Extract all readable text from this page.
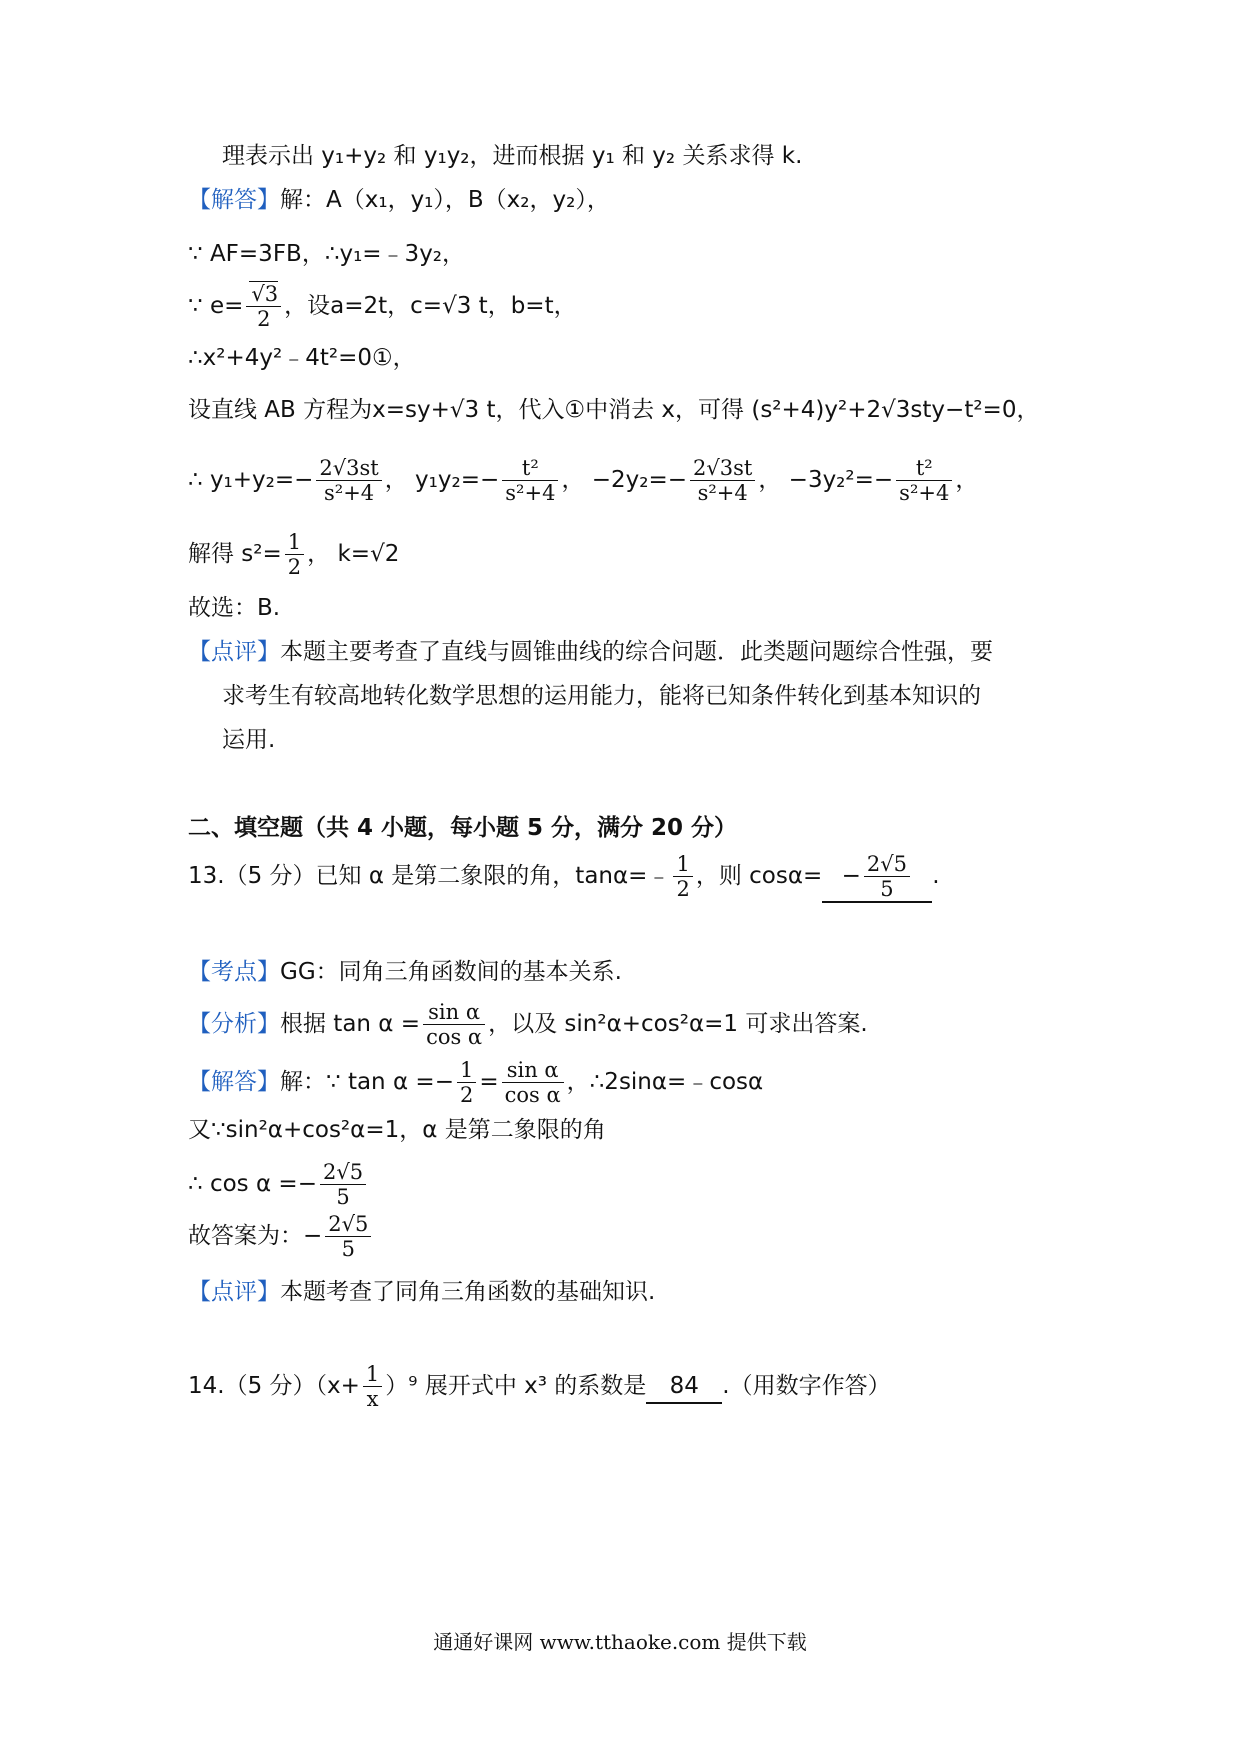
理表示出 y₁+y₂ 和 y₁y₂，进而根据 y₁ 和 y₂ 关系求得 k.
【解答】解：A（x₁，y₁），B（x₂，y₂），
∵ AF=3FB，∴y₁=﹣3y₂，
∵ $e= \frac{√3}{2}$ ，设a=2t，c=√3 t，b=t，
∴x²+4y²﹣4t²=0①，
设直线 AB 方程为x=sy+√3 t，代入①中消去 x，可得 (s²+4)y²+2√3sty−t²=0，
∴ $y_1+y_2=- \frac{2√3st}{\text{s²+4}}$ ， $y_1y_2=- \frac{\text{t²}}{\text{s²+4}}$ ， $-2y_2=- \frac{2√3st}{\text{s²+4}}$ ， $-3y_2^2=- \frac{\text{t²}}{\text{s²+4}}$ ，
解得 $s^2= \frac{1}{2}$ ， k=√2
故选：B.
【点评】本题主要考查了直线与圆锥曲线的综合问题．此类题问题综合性强，要
求考生有较高地转化数学思想的运用能力，能将已知条件转化到基本知识的
运用.
二、填空题（共 4 小题，每小题 5 分，满分 20 分）
13.（5 分）已知 α 是第二象限的角，tanα=﹣ $\frac{1}{2}$ ，则 $\cos\alpha= - \frac{2√5}{5}$ .
【考点】GG：同角三角函数间的基本关系.
【分析】根据 $\tan \alpha = \frac{\text{sin α}}{\text{cos α}}$ ，以及 sin²α+cos²α=1 可求出答案.
【解答】解：∵ $\tan \alpha =- \frac{1}{2} = \frac{\text{sin α}}{\text{cos α}}$ ，∴2sinα=﹣cosα
又∵sin²α+cos²α=1，α 是第二象限的角
∴ $\cos \alpha =- \frac{2√5}{5}$
故答案为：− $\frac{2√5}{5}$
【点评】本题考查了同角三角函数的基础知识.
14.（5 分）$(x+ \frac{1}{x} )^9$ 展开式中 x³ 的系数是 84 .（用数字作答）
通通好课网 www.tthaoke.com 提供下载
